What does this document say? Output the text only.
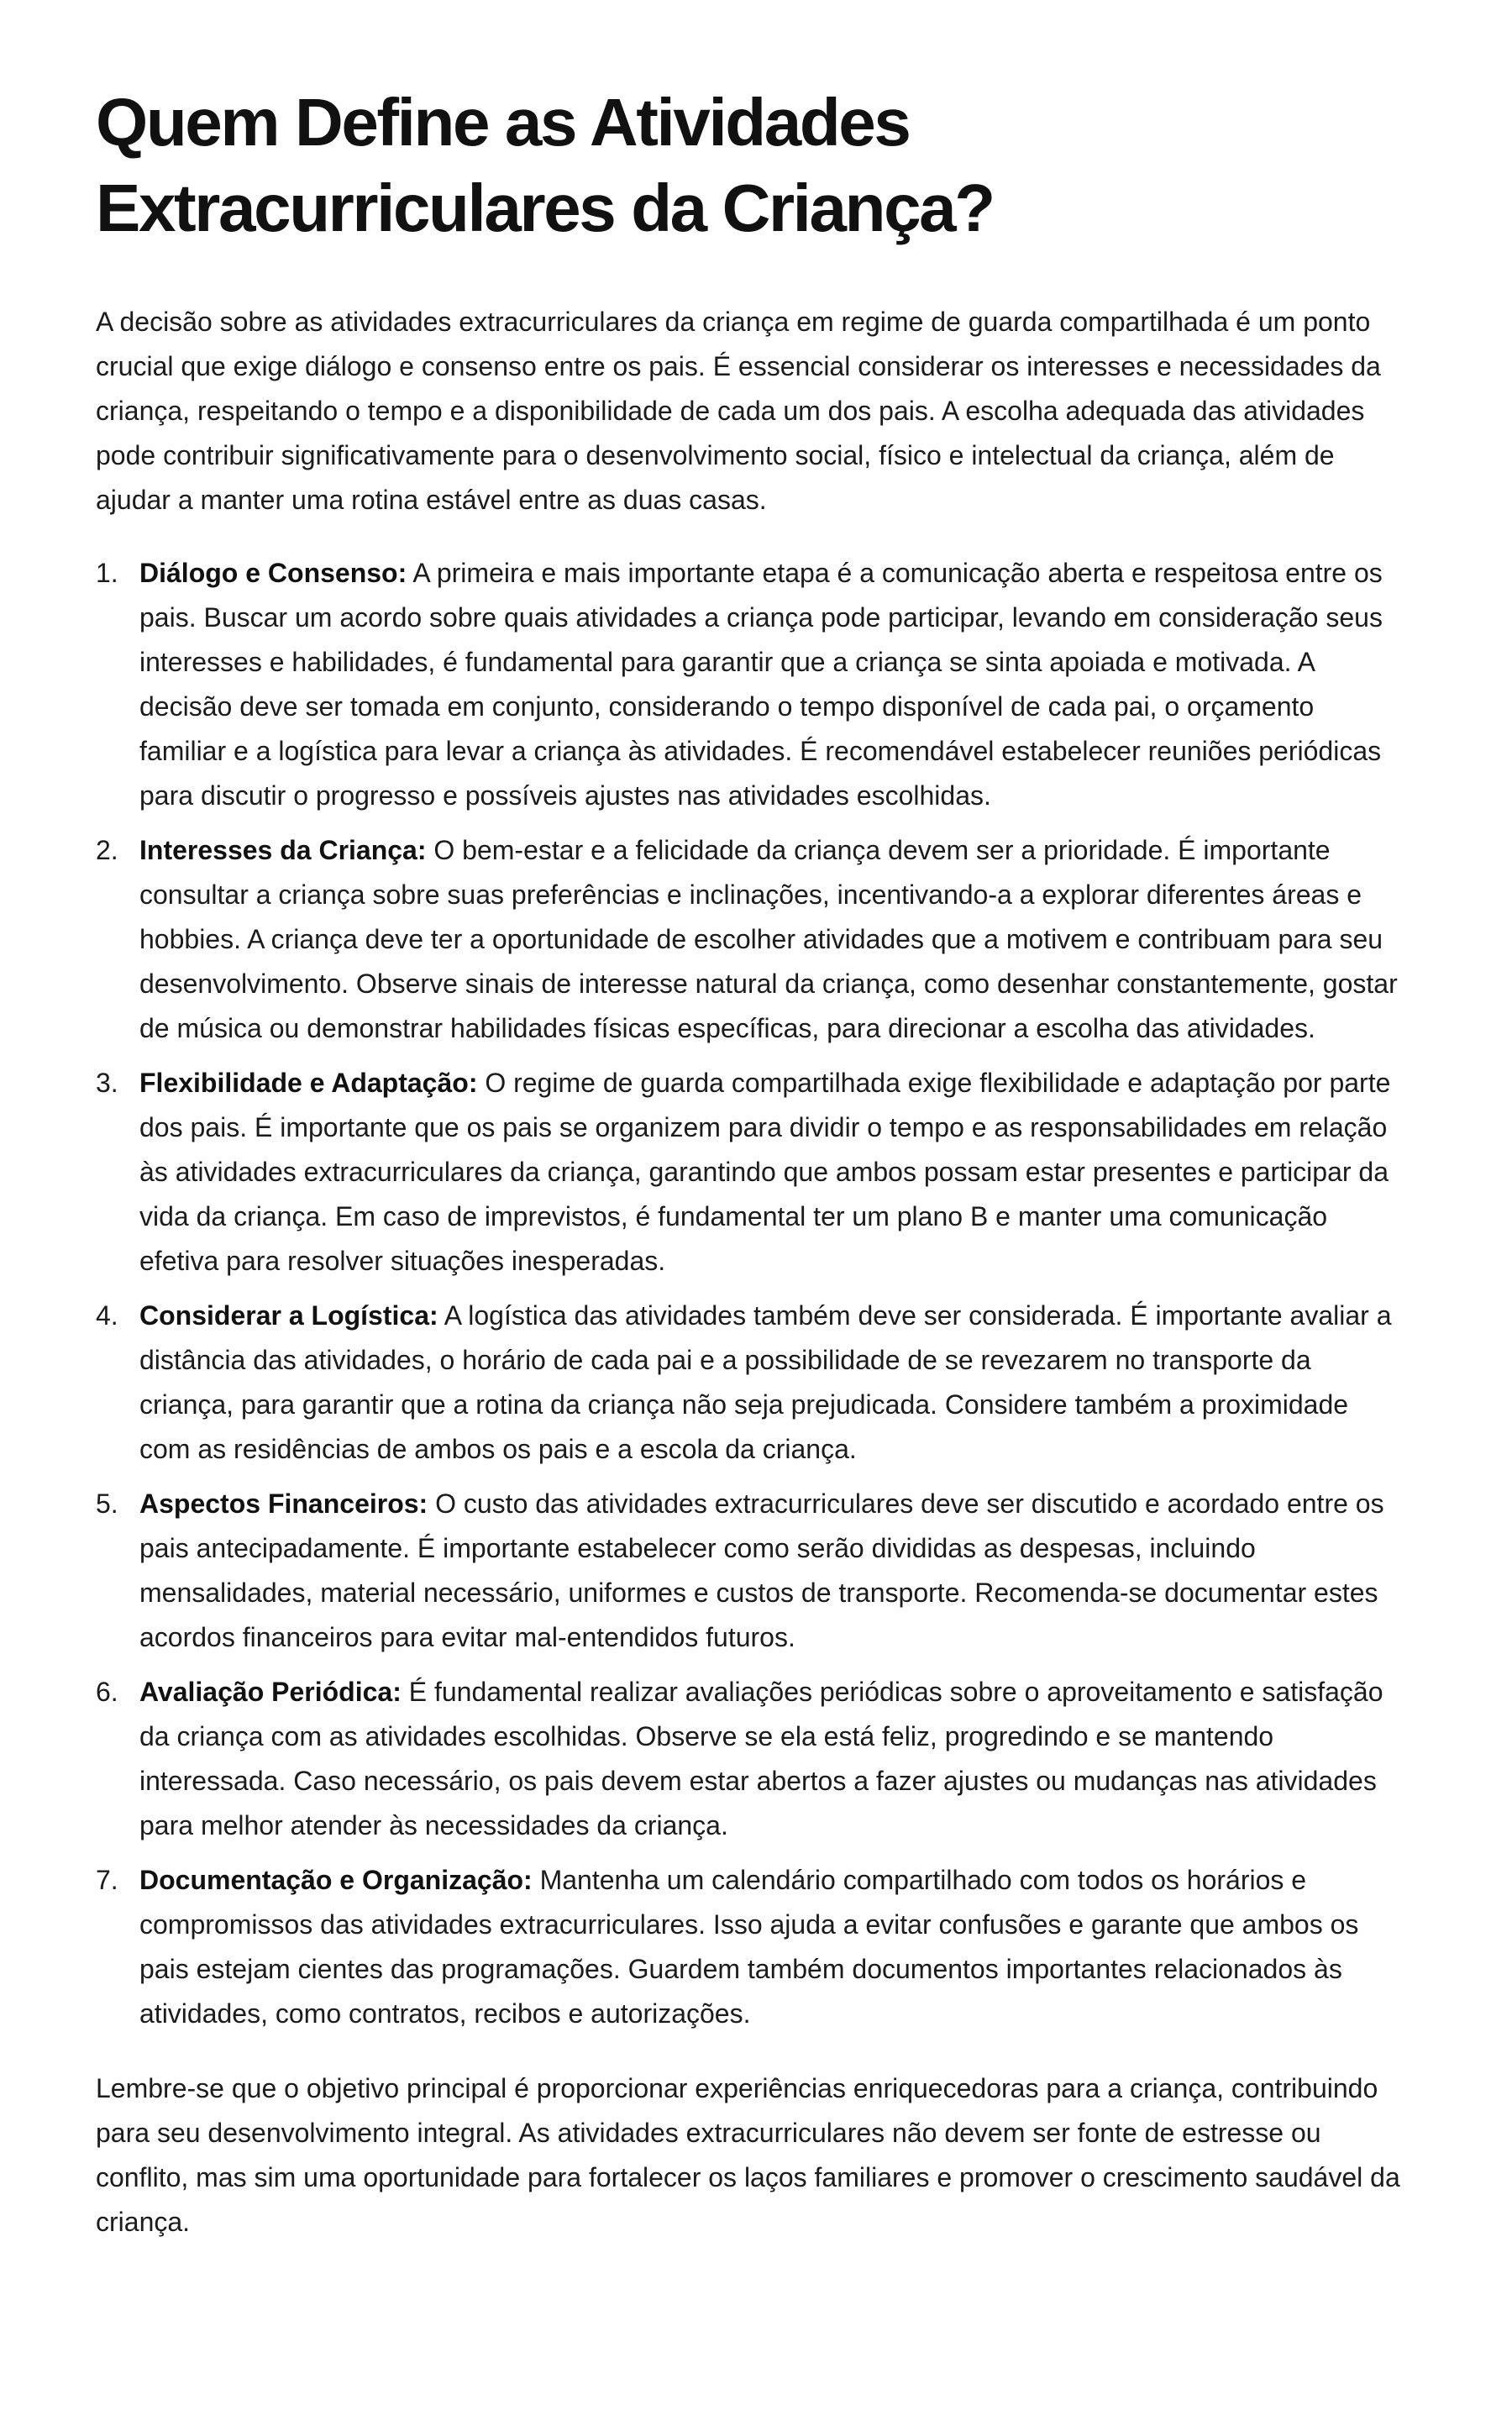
Quem Define as Atividades Extracurriculares da Criança?

A decisão sobre as atividades extracurriculares da criança em regime de guarda compartilhada é um ponto crucial que exige diálogo e consenso entre os pais. É essencial considerar os interesses e necessidades da criança, respeitando o tempo e a disponibilidade de cada um dos pais. A escolha adequada das atividades pode contribuir significativamente para o desenvolvimento social, físico e intelectual da criança, além de ajudar a manter uma rotina estável entre as duas casas.

1. Diálogo e Consenso: A primeira e mais importante etapa é a comunicação aberta e respeitosa entre os pais. Buscar um acordo sobre quais atividades a criança pode participar, levando em consideração seus interesses e habilidades, é fundamental para garantir que a criança se sinta apoiada e motivada. A decisão deve ser tomada em conjunto, considerando o tempo disponível de cada pai, o orçamento familiar e a logística para levar a criança às atividades. É recomendável estabelecer reuniões periódicas para discutir o progresso e possíveis ajustes nas atividades escolhidas.
2. Interesses da Criança: O bem-estar e a felicidade da criança devem ser a prioridade. É importante consultar a criança sobre suas preferências e inclinações, incentivando-a a explorar diferentes áreas e hobbies. A criança deve ter a oportunidade de escolher atividades que a motivem e contribuam para seu desenvolvimento. Observe sinais de interesse natural da criança, como desenhar constantemente, gostar de música ou demonstrar habilidades físicas específicas, para direcionar a escolha das atividades.
3. Flexibilidade e Adaptação: O regime de guarda compartilhada exige flexibilidade e adaptação por parte dos pais. É importante que os pais se organizem para dividir o tempo e as responsabilidades em relação às atividades extracurriculares da criança, garantindo que ambos possam estar presentes e participar da vida da criança. Em caso de imprevistos, é fundamental ter um plano B e manter uma comunicação efetiva para resolver situações inesperadas.
4. Considerar a Logística: A logística das atividades também deve ser considerada. É importante avaliar a distância das atividades, o horário de cada pai e a possibilidade de se revezarem no transporte da criança, para garantir que a rotina da criança não seja prejudicada. Considere também a proximidade com as residências de ambos os pais e a escola da criança.
5. Aspectos Financeiros: O custo das atividades extracurriculares deve ser discutido e acordado entre os pais antecipadamente. É importante estabelecer como serão divididas as despesas, incluindo mensalidades, material necessário, uniformes e custos de transporte. Recomenda-se documentar estes acordos financeiros para evitar mal-entendidos futuros.
6. Avaliação Periódica: É fundamental realizar avaliações periódicas sobre o aproveitamento e satisfação da criança com as atividades escolhidas. Observe se ela está feliz, progredindo e se mantendo interessada. Caso necessário, os pais devem estar abertos a fazer ajustes ou mudanças nas atividades para melhor atender às necessidades da criança.
7. Documentação e Organização: Mantenha um calendário compartilhado com todos os horários e compromissos das atividades extracurriculares. Isso ajuda a evitar confusões e garante que ambos os pais estejam cientes das programações. Guardem também documentos importantes relacionados às atividades, como contratos, recibos e autorizações.

Lembre-se que o objetivo principal é proporcionar experiências enriquecedoras para a criança, contribuindo para seu desenvolvimento integral. As atividades extracurriculares não devem ser fonte de estresse ou conflito, mas sim uma oportunidade para fortalecer os laços familiares e promover o crescimento saudável da criança.
